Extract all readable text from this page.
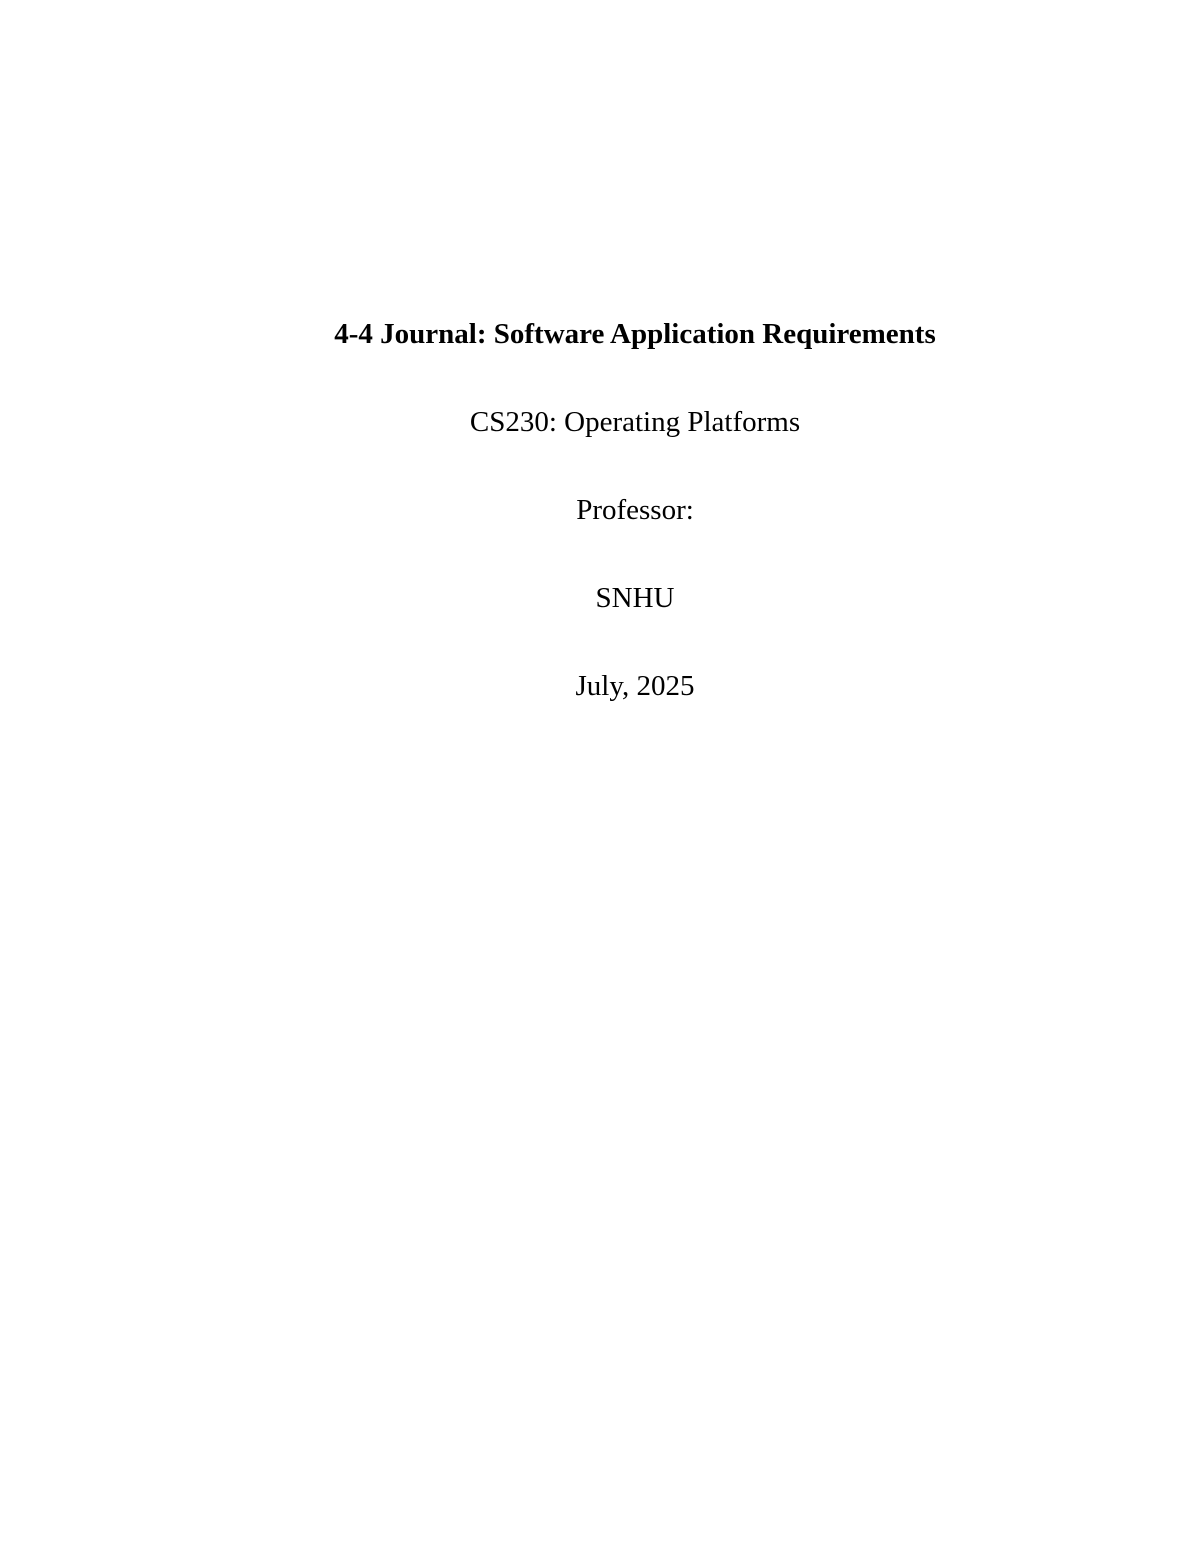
4-4 Journal: Software Application Requirements
CS230: Operating Platforms
Professor:
SNHU
July, 2025
